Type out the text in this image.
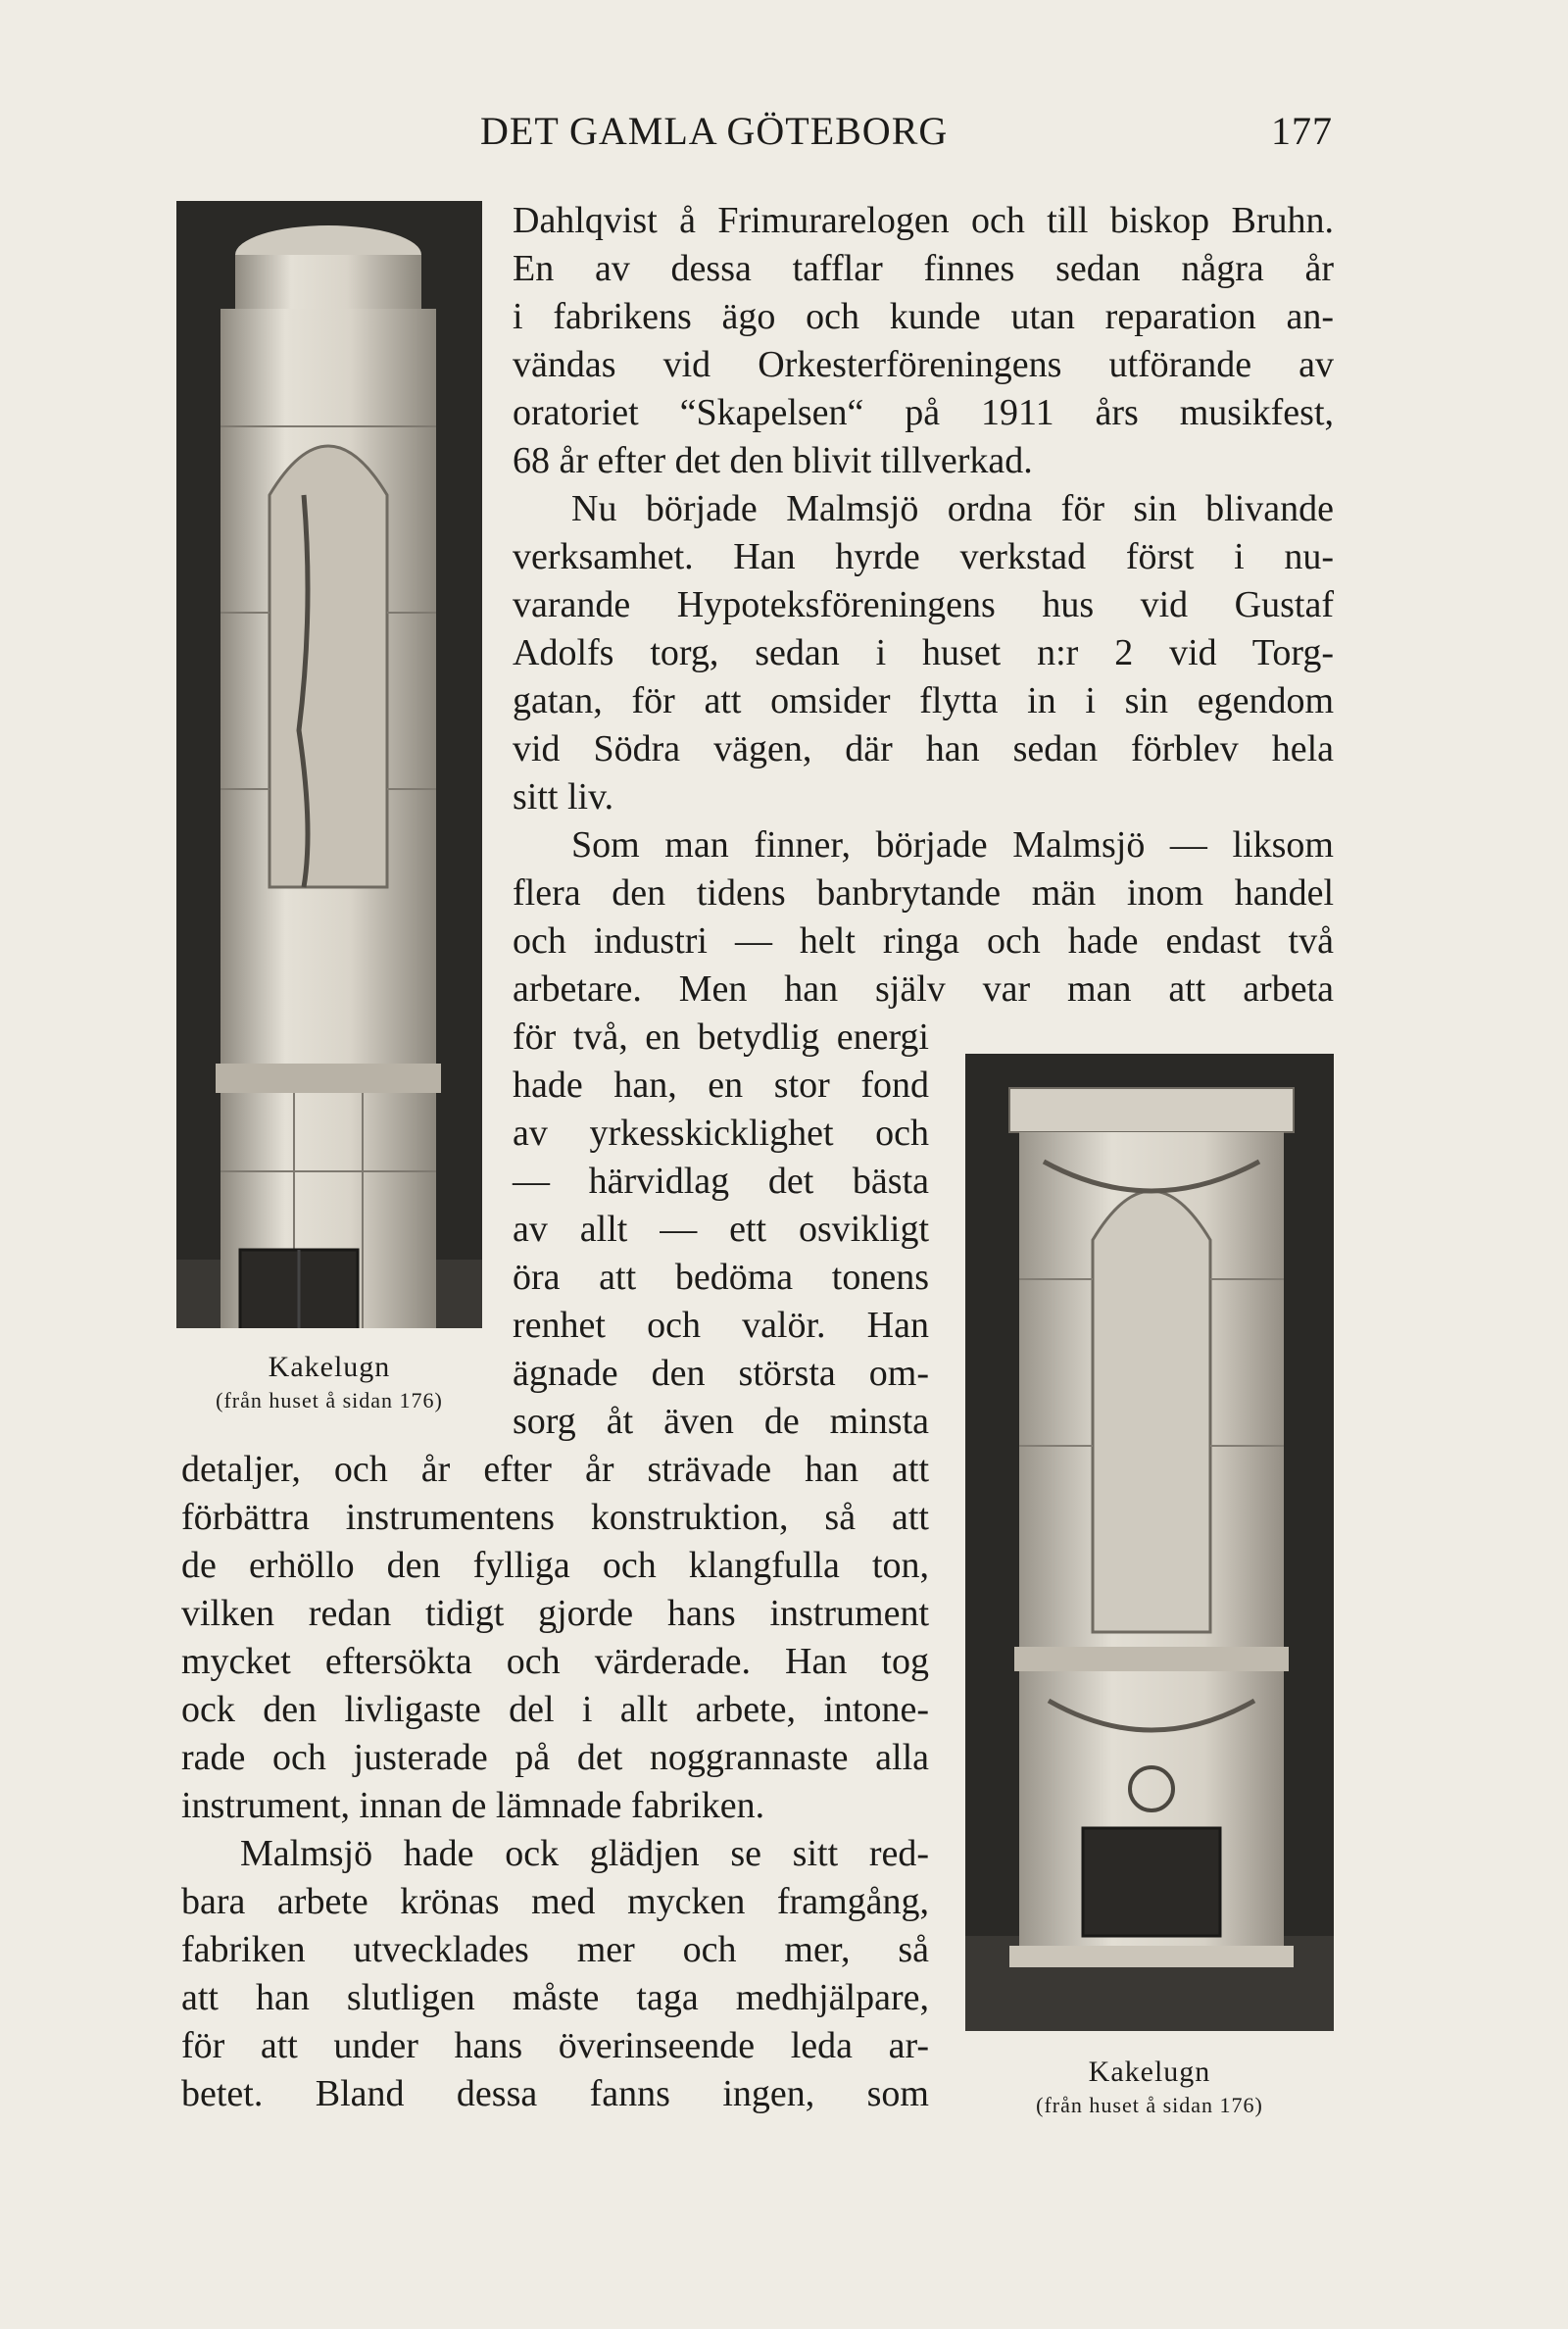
DET GAMLA GÖTEBORG	177
Kakelugn
(från huset å sidan 176)
Kakelugn
(från huset å sidan 176)
Dahlqvist å Frimurarelogen och till biskop Bruhn.
En av dessa tafflar finnes sedan några år
i fabrikens ägo och kunde utan reparation an-
vändas vid Orkesterföreningens utförande av
oratoriet “Skapelsen“ på 1911 års musikfest,
68 år efter det den blivit tillverkad.
Nu började Malmsjö ordna för sin blivande
verksamhet. Han hyrde verkstad först i nu-
varande Hypoteksföreningens hus vid Gustaf
Adolfs torg, sedan i huset n:r 2 vid Torg-
gatan, för att omsider flytta in i sin egendom
vid Södra vägen, där han sedan förblev hela
sitt liv.
Som man finner, började Malmsjö — liksom
flera den tidens banbrytande män inom handel
och industri — helt ringa och hade endast två
arbetare. Men han själv var man att arbeta
för två, en betydlig energi
hade han, en stor fond
av yrkesskicklighet och
— härvidlag det bästa
av allt — ett osvikligt
öra att bedöma tonens
renhet och valör. Han
ägnade den största om-
sorg åt även de minsta
detaljer, och år efter år strävade han att
förbättra instrumentens konstruktion, så att
de erhöllo den fylliga och klangfulla ton,
vilken redan tidigt gjorde hans instrument
mycket eftersökta och värderade. Han tog
ock den livligaste del i allt arbete, intone-
rade och justerade på det noggrannaste alla
instrument, innan de lämnade fabriken.
Malmsjö hade ock glädjen se sitt red-
bara arbete krönas med mycken framgång,
fabriken utvecklades mer och mer, så
att han slutligen måste taga medhjälpare,
för att under hans överinseende leda ar-
betet. Bland dessa fanns ingen, som
